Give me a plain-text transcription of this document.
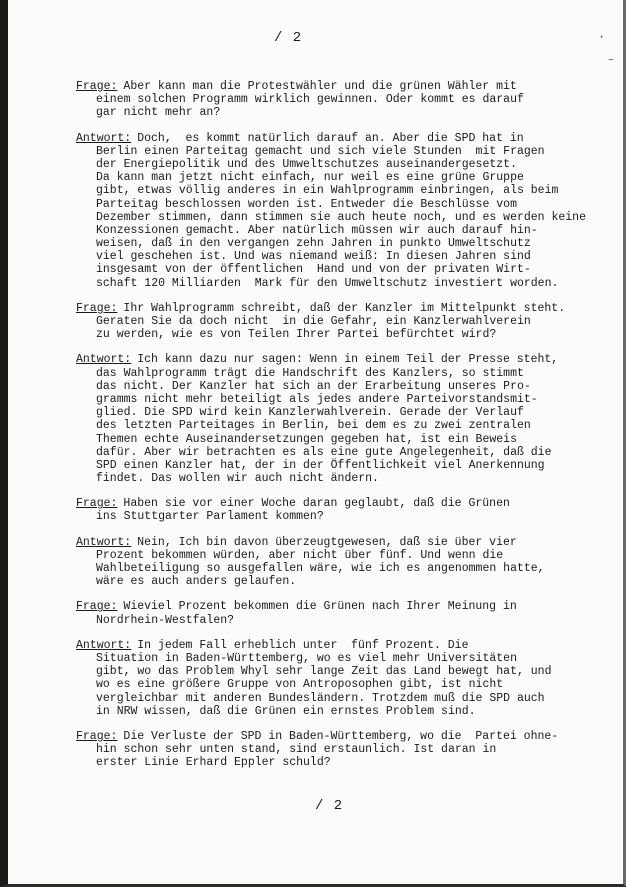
/ 2	·
~
Frage: Aber kann man die Protestwähler und die grünen Wähler mit
einem solchen Programm wirklich gewinnen. Oder kommt es darauf
gar nicht mehr an?
Antwort: Doch,  es kommt natürlich darauf an. Aber die SPD hat in
Berlin einen Parteitag gemacht und sich viele Stunden  mit Fragen
der Energiepolitik und des Umweltschutzes auseinandergesetzt.
Da kann man jetzt nicht einfach, nur weil es eine grüne Gruppe
gibt, etwas völlig anderes in ein Wahlprogramm einbringen, als beim
Parteitag beschlossen worden ist. Entweder die Beschlüsse vom
Dezember stimmen, dann stimmen sie auch heute noch, und es werden keine
Konzessionen gemacht. Aber natürlich müssen wir auch darauf hin-
weisen, daß in den vergangen zehn Jahren in punkto Umweltschutz
viel geschehen ist. Und was niemand weiß: In diesen Jahren sind
insgesamt von der öffentlichen  Hand und von der privaten Wirt-
schaft 120 Milliarden  Mark für den Umweltschutz investiert worden.
Frage: Ihr Wahlprogramm schreibt, daß der Kanzler im Mittelpunkt steht.
Geraten Sie da doch nicht  in die Gefahr, ein Kanzlerwahlverein
zu werden, wie es von Teilen Ihrer Partei befürchtet wird?
Antwort: Ich kann dazu nur sagen: Wenn in einem Teil der Presse steht,
das Wahlprogramm trägt die Handschrift des Kanzlers, so stimmt
das nicht. Der Kanzler hat sich an der Erarbeitung unseres Pro-
gramms nicht mehr beteiligt als jedes andere Parteivorstandsmit-
glied. Die SPD wird kein Kanzlerwahlverein. Gerade der Verlauf
des letzten Parteitages in Berlin, bei dem es zu zwei zentralen
Themen echte Auseinandersetzungen gegeben hat, ist ein Beweis
dafür. Aber wir betrachten es als eine gute Angelegenheit, daß die
SPD einen Kanzler hat, der in der Öffentlichkeit viel Anerkennung
findet. Das wollen wir auch nicht ändern.
Frage: Haben sie vor einer Woche daran geglaubt, daß die Grünen
ins Stuttgarter Parlament kommen?
Antwort: Nein, Ich bin davon überzeugtgewesen, daß sie über vier
Prozent bekommen würden, aber nicht über fünf. Und wenn die
Wahlbeteiligung so ausgefallen wäre, wie ich es angenommen hatte,
wäre es auch anders gelaufen.
Frage: Wieviel Prozent bekommen die Grünen nach Ihrer Meinung in
Nordrhein-Westfalen?
Antwort: In jedem Fall erheblich unter  fünf Prozent. Die
Situation in Baden-Württemberg, wo es viel mehr Universitäten
gibt, wo das Problem Whyl sehr lange Zeit das Land bewegt hat, und
wo es eine größere Gruppe von Antroposophen gibt, ist nicht
vergleichbar mit anderen Bundesländern. Trotzdem muß die SPD auch
in NRW wissen, daß die Grünen ein ernstes Problem sind.
Frage: Die Verluste der SPD in Baden-Württemberg, wo die  Partei ohne-
hin schon sehr unten stand, sind erstaunlich. Ist daran in
erster Linie Erhard Eppler schuld?
/ 2
